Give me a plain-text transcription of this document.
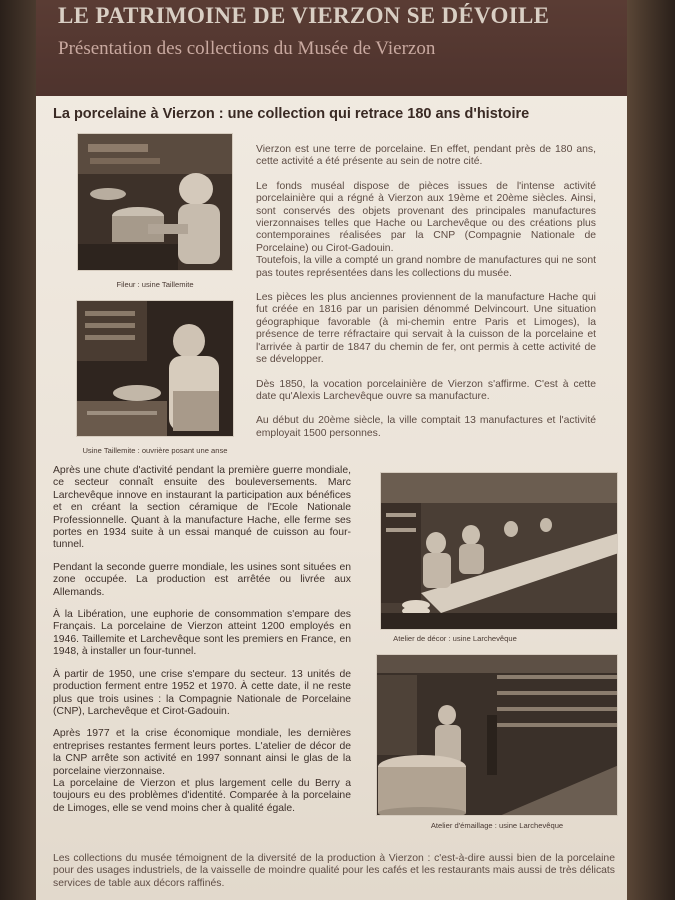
LE PATRIMOINE DE VIERZON SE DÉVOILE
Présentation des collections du Musée de Vierzon
La porcelaine à Vierzon : une collection qui retrace 180 ans d'histoire
Fileur : usine Taillemite
Usine Taillemite : ouvrière posant une anse

Vierzon est une terre de porcelaine. En effet, pendant près de 180 ans, cette activité a été présente au sein de notre cité.

Le fonds muséal dispose de pièces issues de l'intense activité porcelainière qui a régné à Vierzon aux 19ème et 20ème siècles. Ainsi, sont conservés des objets provenant des principales manufactures vierzonnaises telles que Hache ou Larchevêque ou des créations plus contemporaines réalisées par la CNP (Compagnie Nationale de Porcelaine) ou Cirot-Gadouin.

Toutefois, la ville a compté un grand nombre de manufactures qui ne sont pas toutes représentées dans les collections du musée.

Les pièces les plus anciennes proviennent de la manufacture Hache qui fut créée en 1816 par un parisien dénommé Delvincourt. Une situation géographique favorable (à mi-chemin entre Paris et Limoges), la présence de terre réfractaire qui servait à la cuisson de la porcelaine et l'arrivée à partir de 1847 du chemin de fer, ont permis à cette activité de se développer.

Dès 1850, la vocation porcelainière de Vierzon s'affirme. C'est à cette date qu'Alexis Larchevêque ouvre sa manufacture.

Au début du 20ème siècle, la ville comptait 13 manufactures et l'activité employait 1500 personnes.

Après une chute d'activité pendant la première guerre mondiale, ce secteur connaît ensuite des bouleversements. Marc Larchevêque innove en instaurant la participation aux bénéfices et en créant la section céramique de l'Ecole Nationale Professionnelle. Quant à la manufacture Hache, elle ferme ses portes en 1934 suite à un essai manqué de cuisson au four-tunnel.

Pendant la seconde guerre mondiale, les usines sont situées en zone occupée. La production est arrêtée ou livrée aux Allemands.

À la Libération, une euphorie de consommation s'empare des Français. La porcelaine de Vierzon atteint 1200 employés en 1946. Taillemite et Larchevêque sont les premiers en France, en 1948, à installer un four-tunnel.

À partir de 1950, une crise s'empare du secteur. 13 unités de production ferment entre 1952 et 1970. À cette date, il ne reste plus que trois usines : la Compagnie Nationale de Porcelaine (CNP), Larchevêque et Cirot-Gadouin.

Après 1977 et la crise économique mondiale, les dernières entreprises restantes ferment leurs portes. L'atelier de décor de la CNP arrête son activité en 1997 sonnant ainsi le glas de la porcelaine vierzonnaise.

La porcelaine de Vierzon et plus largement celle du Berry a toujours eu des problèmes d'identité. Comparée à la porcelaine de Limoges, elle se vend moins cher à qualité égale.

Atelier de décor : usine Larchevêque
Atelier d'émaillage : usine Larchevêque

Les collections du musée témoignent de la diversité de la production à Vierzon : c'est-à-dire aussi bien de la porcelaine pour des usages industriels, de la vaisselle de moindre qualité pour les cafés et les restaurants mais aussi de très délicats services de table aux décors raffinés.
